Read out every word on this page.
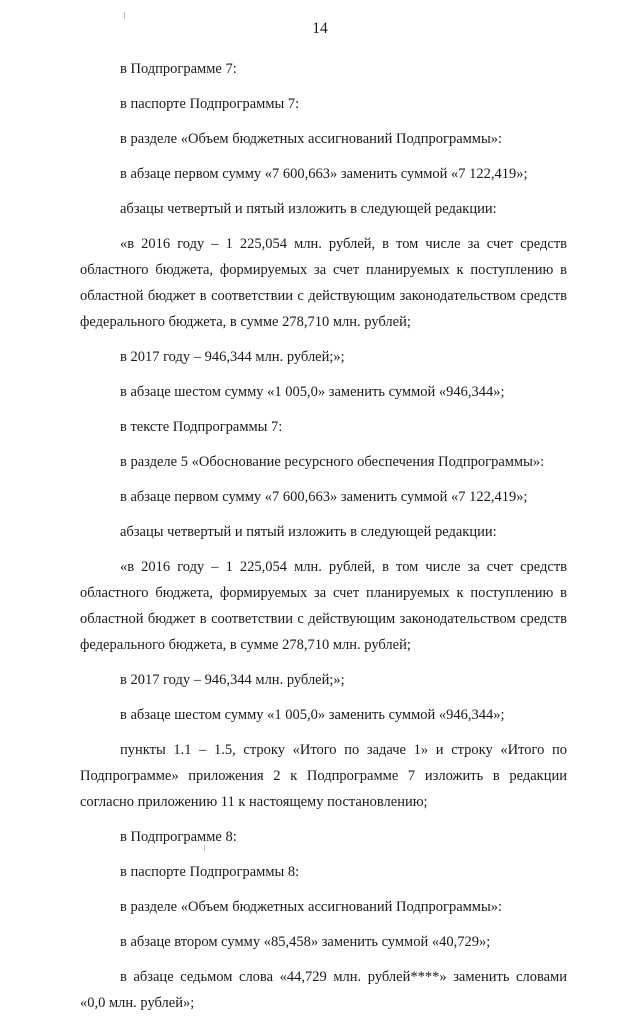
14

в Подпрограмме 7:

в паспорте Подпрограммы 7:

в разделе «Объем бюджетных ассигнований Подпрограммы»:

в абзаце первом сумму «7 600,663» заменить суммой «7 122,419»;

абзацы четвертый и пятый изложить в следующей редакции:

«в 2016 году – 1 225,054 млн. рублей, в том числе за счет средств областного бюджета, формируемых за счет планируемых к поступлению в областной бюджет в соответствии с действующим законодательством средств федерального бюджета, в сумме 278,710 млн. рублей;

в 2017 году – 946,344 млн. рублей;»;

в абзаце шестом сумму «1 005,0» заменить суммой «946,344»;

в тексте Подпрограммы 7:

в разделе 5 «Обоснование ресурсного обеспечения Подпрограммы»:

в абзаце первом сумму «7 600,663» заменить суммой «7 122,419»;

абзацы четвертый и пятый изложить в следующей редакции:

«в 2016 году – 1 225,054 млн. рублей, в том числе за счет средств областного бюджета, формируемых за счет планируемых к поступлению в областной бюджет в соответствии с действующим законодательством средств федерального бюджета, в сумме 278,710 млн. рублей;

в 2017 году – 946,344 млн. рублей;»;

в абзаце шестом сумму «1 005,0» заменить суммой «946,344»;

пункты 1.1 – 1.5, строку «Итого по задаче 1» и строку «Итого по Подпрограмме» приложения 2 к Подпрограмме 7 изложить в редакции согласно приложению 11 к настоящему постановлению;

в Подпрограмме 8:

в паспорте Подпрограммы 8:

в разделе «Объем бюджетных ассигнований Подпрограммы»:

в абзаце втором сумму «85,458» заменить суммой «40,729»;

в абзаце седьмом слова «44,729 млн. рублей****» заменить словами «0,0 млн. рублей»;
